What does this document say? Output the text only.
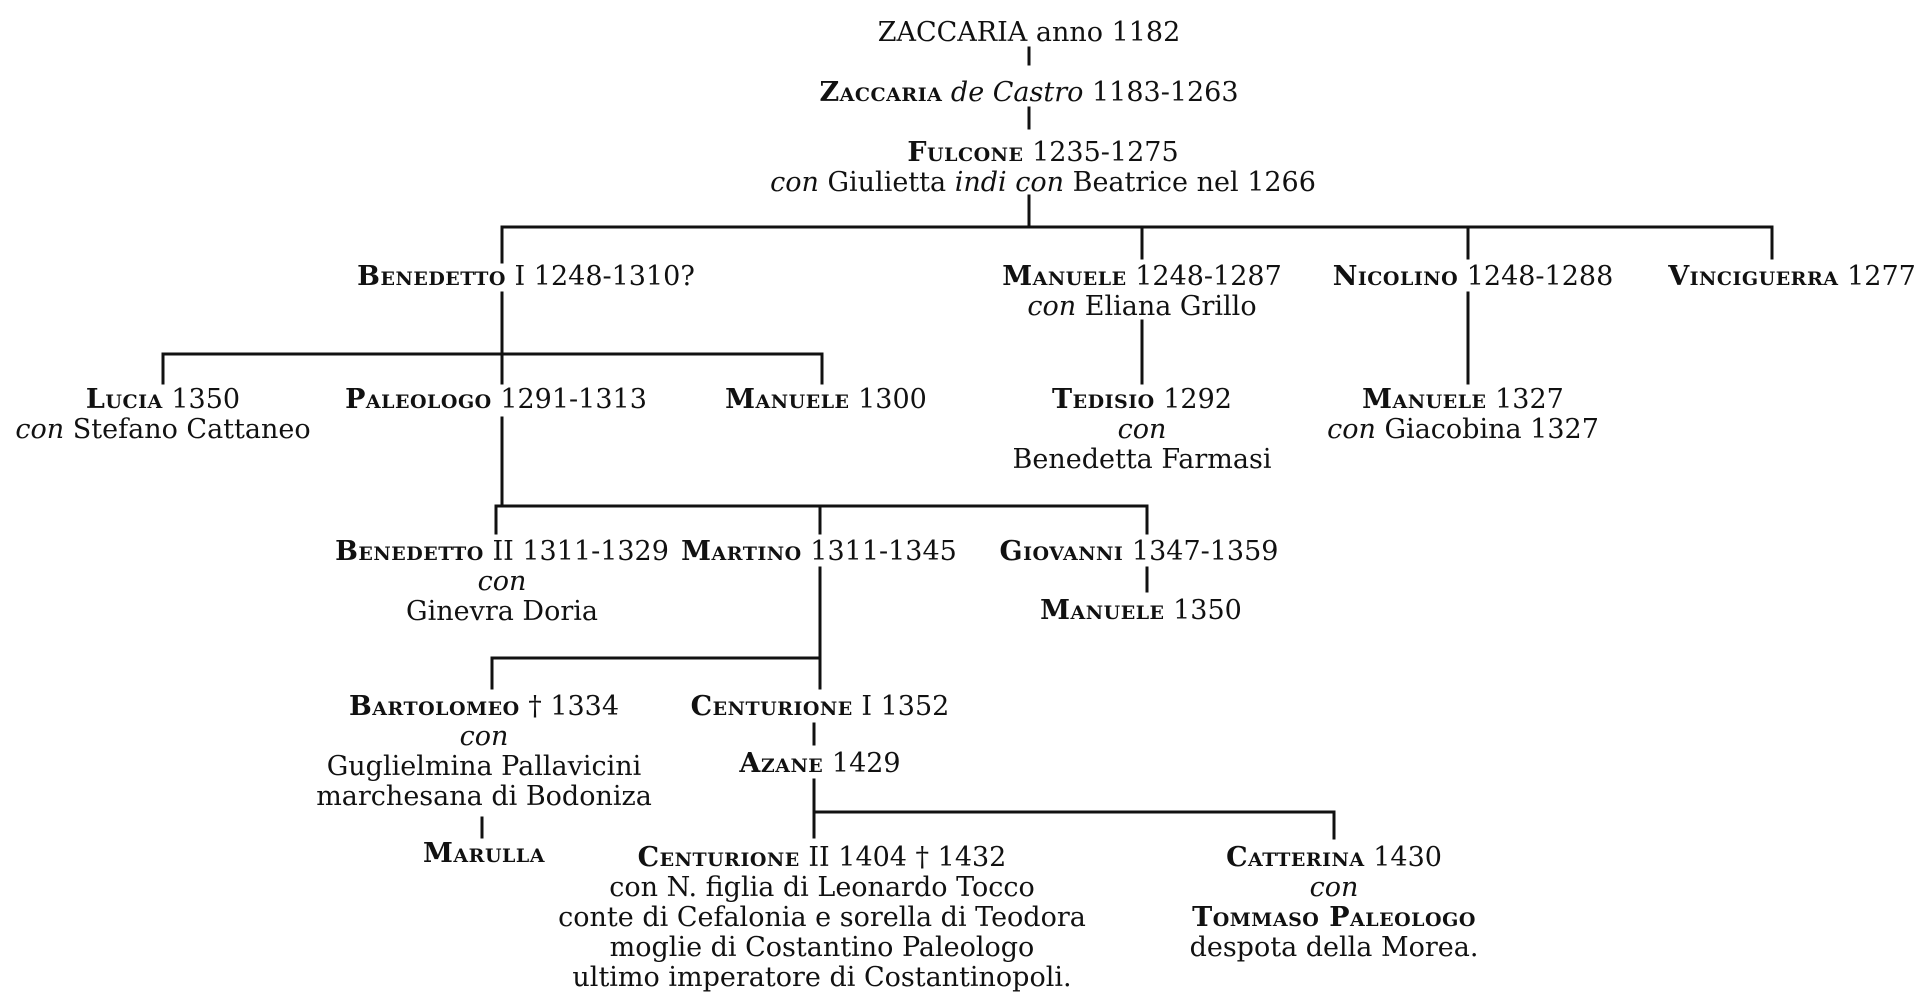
ZACCARIA anno 1182
Zaccaria de Castro 1183-1263
Fulcone 1235-1275
con Giulietta indi con Beatrice nel 1266
Benedetto I 1248-1310?	Manuele 1248-1287
con Eliana Grillo
Nicolino 1248-1288 Vinciguerra 1277
Lucia 1350
con Stefano Cattaneo
Paleologo 1291-1313	Manuele 1300	Tedisio 1292
con
Benedetta Farmasi
Manuele 1327
con Giacobina 1327
Benedetto II 1311-1329
con
Ginevra Doria
Martino 1311-1345 Giovanni 1347-1359
Manuele 1350
Bartolomeo † 1334
con
Guglielmina Pallavicini
marchesana di Bodoniza
Centurione I 1352
Azane 1429
Marulla	Centurione II 1404 † 1432
con N. figlia di Leonardo Tocco
conte di Cefalonia e sorella di Teodora
moglie di Costantino Paleologo
ultimo imperatore di Costantinopoli.
Catterina 1430
con
Tommaso Paleologo
despota della Morea.
